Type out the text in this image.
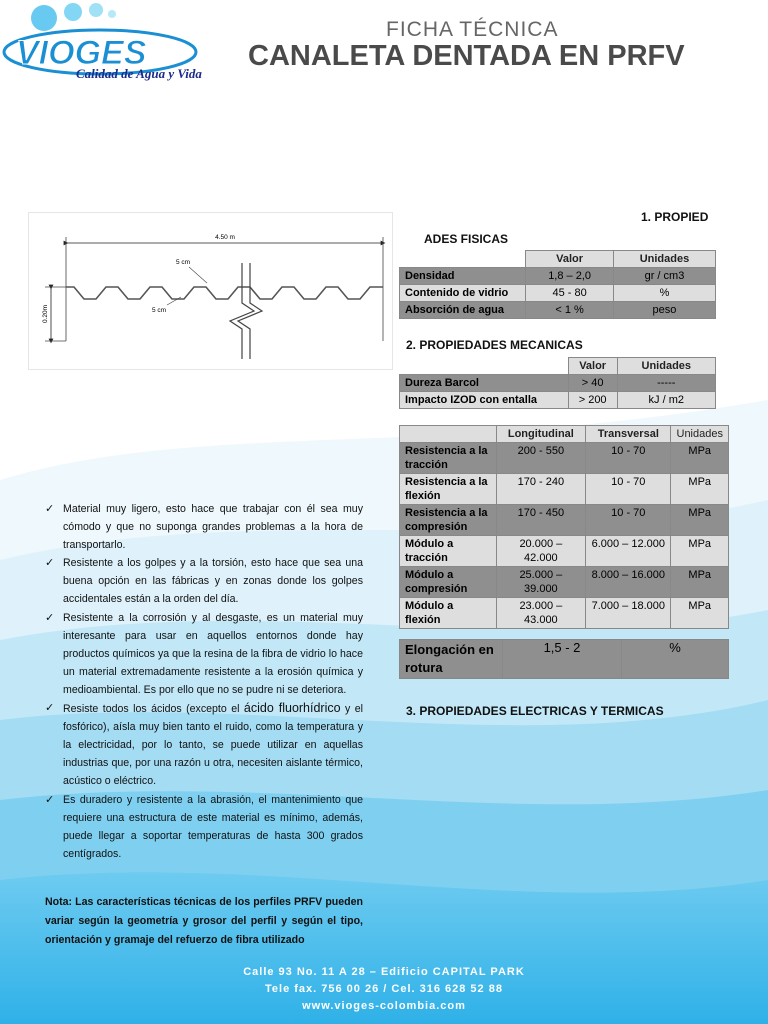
VIOGES
Calidad de Agua y Vida
FICHA TÉCNICA
CANALETA DENTADA EN PRFV
4.50 m
0.20m
5 cm
5 cm
1. PROPIED
ADES FISICAS
	Valor	Unidades
Densidad	1,8 – 2,0	gr / cm3
Contenido de vidrio	45 - 80	%
Absorción de agua	< 1 %	peso
2. PROPIEDADES MECANICAS
	Valor	Unidades
Dureza Barcol	> 40	-----
Impacto IZOD con entalla	> 200	kJ / m2
	Longitudinal	Transversal	Unidades
Resistencia a la tracción	200 - 550	10 - 70	MPa
Resistencia a la flexión	170 - 240	10 - 70	MPa
Resistencia a la compresión	170 - 450	10 - 70	MPa
Módulo a tracción	20.000 – 42.000	6.000 – 12.000	MPa
Módulo a compresión	25.000 – 39.000	8.000 – 16.000	MPa
Módulo a flexión	23.000 – 43.000	7.000 – 18.000	MPa
Elongación en rotura	1,5 - 2	%
3. PROPIEDADES ELECTRICAS Y TERMICAS
✓ Material muy ligero, esto hace que trabajar con él sea muy cómodo y que no suponga grandes problemas a la hora de transportarlo.
✓ Resistente a los golpes y a la torsión, esto hace que sea una buena opción en las fábricas y en zonas donde los golpes accidentales están a la orden del día.
✓ Resistente a la corrosión y al desgaste, es un material muy interesante para usar en aquellos entornos donde hay productos químicos ya que la resina de la fibra de vidrio lo hace un material extremadamente resistente a la erosión química y medioambiental. Es por ello que no se pudre ni se deteriora.
✓ Resiste todos los ácidos (excepto el ácido fluorhídrico y el fosfórico), aísla muy bien tanto el ruido, como la temperatura y la electricidad, por lo tanto, se puede utilizar en aquellas industrias que, por una razón u otra, necesiten aislante térmico, acústico o eléctrico.
✓ Es duradero y resistente a la abrasión, el mantenimiento que requiere una estructura de este material es mínimo, además, puede llegar a soportar temperaturas de hasta 300 grados centígrados.
Nota: Las características técnicas de los perfiles PRFV pueden variar según la geometría y grosor del perfil y según el tipo, orientación y gramaje del refuerzo de fibra utilizado
Calle 93 No. 11 A 28 – Edificio CAPITAL PARK
Tele fax. 756 00 26 / Cel. 316 628 52 88
www.vioges-colombia.com
